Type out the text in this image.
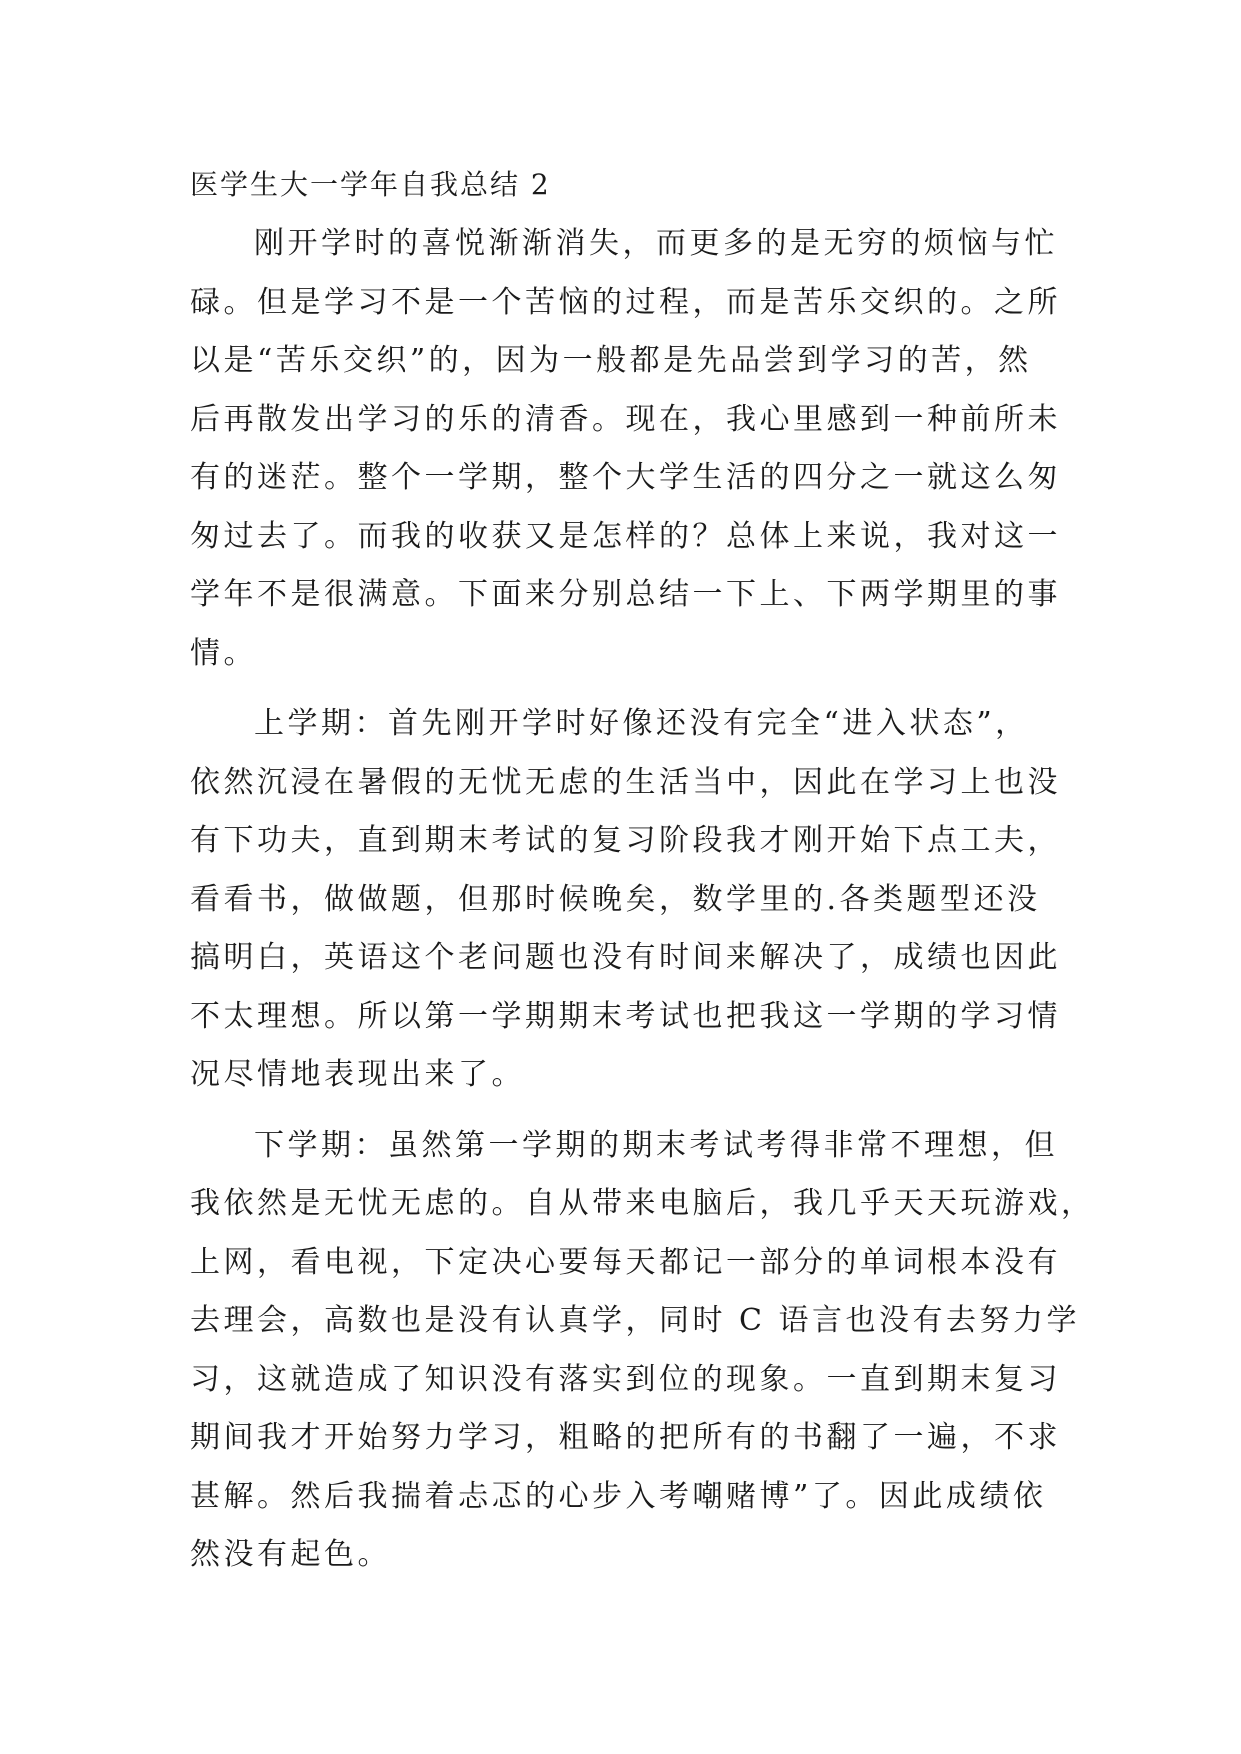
医学生大一学年自我总结 2

刚开学时的喜悦渐渐消失，而更多的是无穷的烦恼与忙
碌。但是学习不是一个苦恼的过程，而是苦乐交织的。之所
以是“苦乐交织”的，因为一般都是先品尝到学习的苦，然
后再散发出学习的乐的清香。现在，我心里感到一种前所未
有的迷茫。整个一学期，整个大学生活的四分之一就这么匆
匆过去了。而我的收获又是怎样的？总体上来说，我对这一
学年不是很满意。下面来分别总结一下上、下两学期里的事
情。

上学期：首先刚开学时好像还没有完全“进入状态”，
依然沉浸在暑假的无忧无虑的生活当中，因此在学习上也没
有下功夫，直到期末考试的复习阶段我才刚开始下点工夫，
看看书，做做题，但那时候晚矣，数学里的.各类题型还没
搞明白，英语这个老问题也没有时间来解决了，成绩也因此
不太理想。所以第一学期期末考试也把我这一学期的学习情
况尽情地表现出来了。

下学期：虽然第一学期的期末考试考得非常不理想，但
我依然是无忧无虑的。自从带来电脑后，我几乎天天玩游戏，
上网，看电视，下定决心要每天都记一部分的单词根本没有
去理会，高数也是没有认真学，同时 C 语言也没有去努力学
习，这就造成了知识没有落实到位的现象。一直到期末复习
期间我才开始努力学习，粗略的把所有的书翻了一遍，不求
甚解。然后我揣着忐忑的心步入考嘲赌博”了。因此成绩依
然没有起色。
